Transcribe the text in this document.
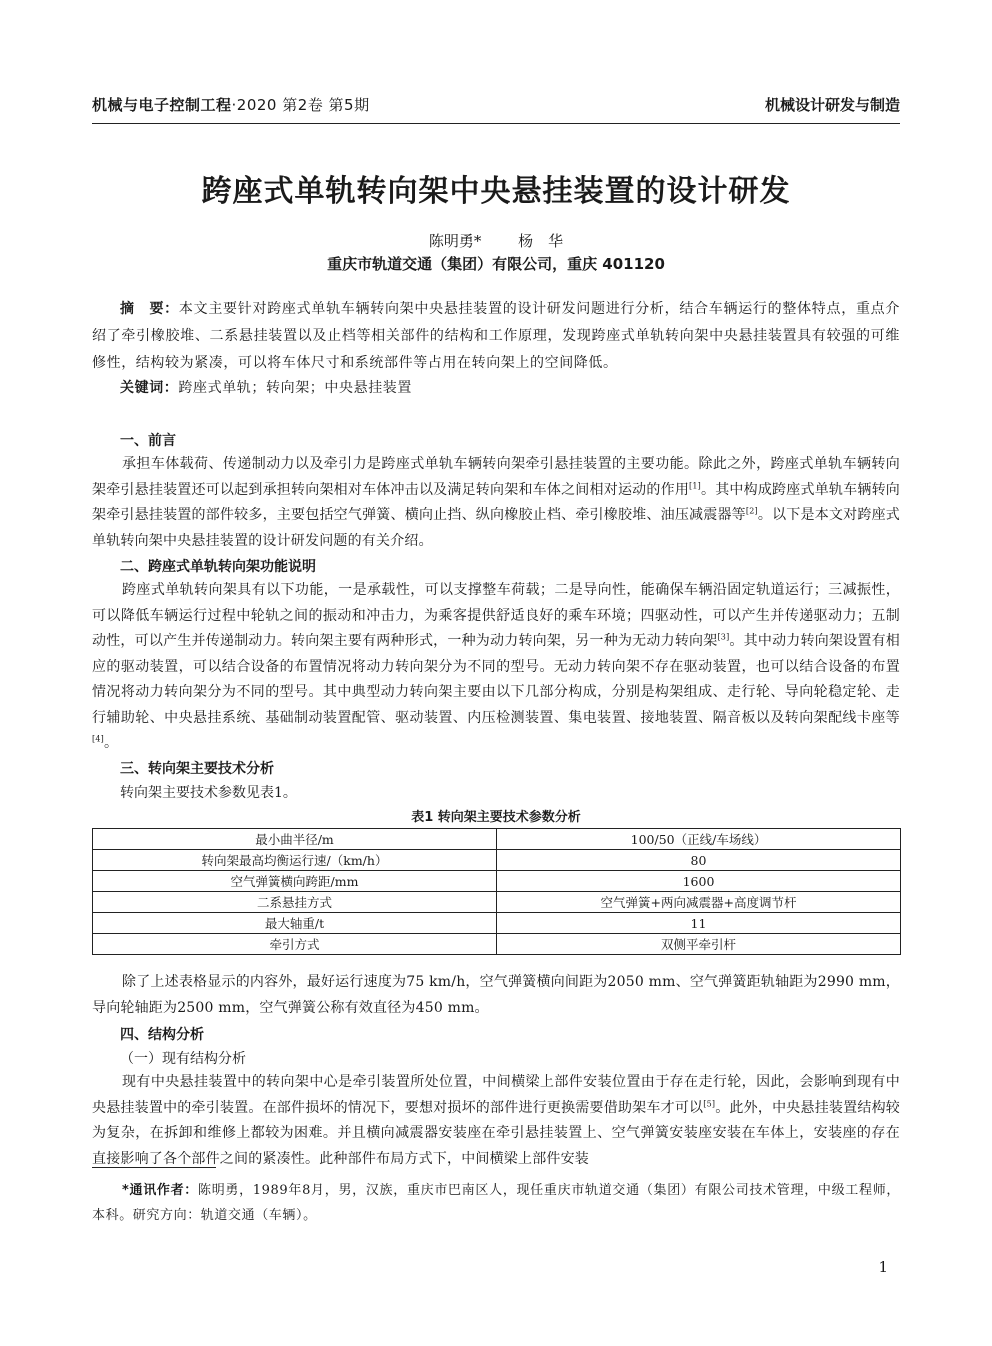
机械与电子控制工程·2020 第2卷 第5期	机械设计研发与制造
跨座式单轨转向架中央悬挂装置的设计研发
陈明勇* 杨　华
重庆市轨道交通（集团）有限公司，重庆 401120
摘　要：本文主要针对跨座式单轨车辆转向架中央悬挂装置的设计研发问题进行分析，结合车辆运行的整体特点，重点介绍了牵引橡胶堆、二系悬挂装置以及止档等相关部件的结构和工作原理，发现跨座式单轨转向架中央悬挂装置具有较强的可维修性，结构较为紧凑，可以将车体尺寸和系统部件等占用在转向架上的空间降低。
关键词：跨座式单轨；转向架；中央悬挂装置
一、前言
承担车体载荷、传递制动力以及牵引力是跨座式单轨车辆转向架牵引悬挂装置的主要功能。除此之外，跨座式单轨车辆转向架牵引悬挂装置还可以起到承担转向架相对车体冲击以及满足转向架和车体之间相对运动的作用[1]。其中构成跨座式单轨车辆转向架牵引悬挂装置的部件较多，主要包括空气弹簧、横向止挡、纵向橡胶止档、牵引橡胶堆、油压减震器等[2]。以下是本文对跨座式单轨转向架中央悬挂装置的设计研发问题的有关介绍。
二、跨座式单轨转向架功能说明
跨座式单轨转向架具有以下功能，一是承载性，可以支撑整车荷载；二是导向性，能确保车辆沿固定轨道运行；三减振性，可以降低车辆运行过程中轮轨之间的振动和冲击力，为乘客提供舒适良好的乘车环境；四驱动性，可以产生并传递驱动力；五制动性，可以产生并传递制动力。转向架主要有两种形式，一种为动力转向架，另一种为无动力转向架[3]。其中动力转向架设置有相应的驱动装置，可以结合设备的布置情况将动力转向架分为不同的型号。无动力转向架不存在驱动装置，也可以结合设备的布置情况将动力转向架分为不同的型号。其中典型动力转向架主要由以下几部分构成，分别是构架组成、走行轮、导向轮稳定轮、走行辅助轮、中央悬挂系统、基础制动装置配管、驱动装置、内压检测装置、集电装置、接地装置、隔音板以及转向架配线卡座等[4]。
三、转向架主要技术分析
转向架主要技术参数见表1。
表1 转向架主要技术参数分析
最小曲半径/m	100/50（正线/车场线）
转向架最高均衡运行速/（km/h）	80
空气弹簧横向跨距/mm	1600
二系悬挂方式	空气弹簧+两向减震器+高度调节杆
最大轴重/t	11
牵引方式	双侧平牵引杆
除了上述表格显示的内容外，最好运行速度为75 km/h，空气弹簧横向间距为2050 mm、空气弹簧距轨轴距为2990 mm，导向轮轴距为2500 mm，空气弹簧公称有效直径为450 mm。
四、结构分析
（一）现有结构分析
现有中央悬挂装置中的转向架中心是牵引装置所处位置，中间横梁上部件安装位置由于存在走行轮，因此，会影响到现有中央悬挂装置中的牵引装置。在部件损坏的情况下，要想对损坏的部件进行更换需要借助架车才可以[5]。此外，中央悬挂装置结构较为复杂，在拆卸和维修上都较为困难。并且横向减震器安装座在牵引悬挂装置上、空气弹簧安装座安装在车体上，安装座的存在直接影响了各个部件之间的紧凑性。此种部件布局方式下，中间横梁上部件安装
*通讯作者：陈明勇，1989年8月，男，汉族，重庆市巴南区人，现任重庆市轨道交通（集团）有限公司技术管理，中级工程师，本科。研究方向：轨道交通（车辆）。
1
